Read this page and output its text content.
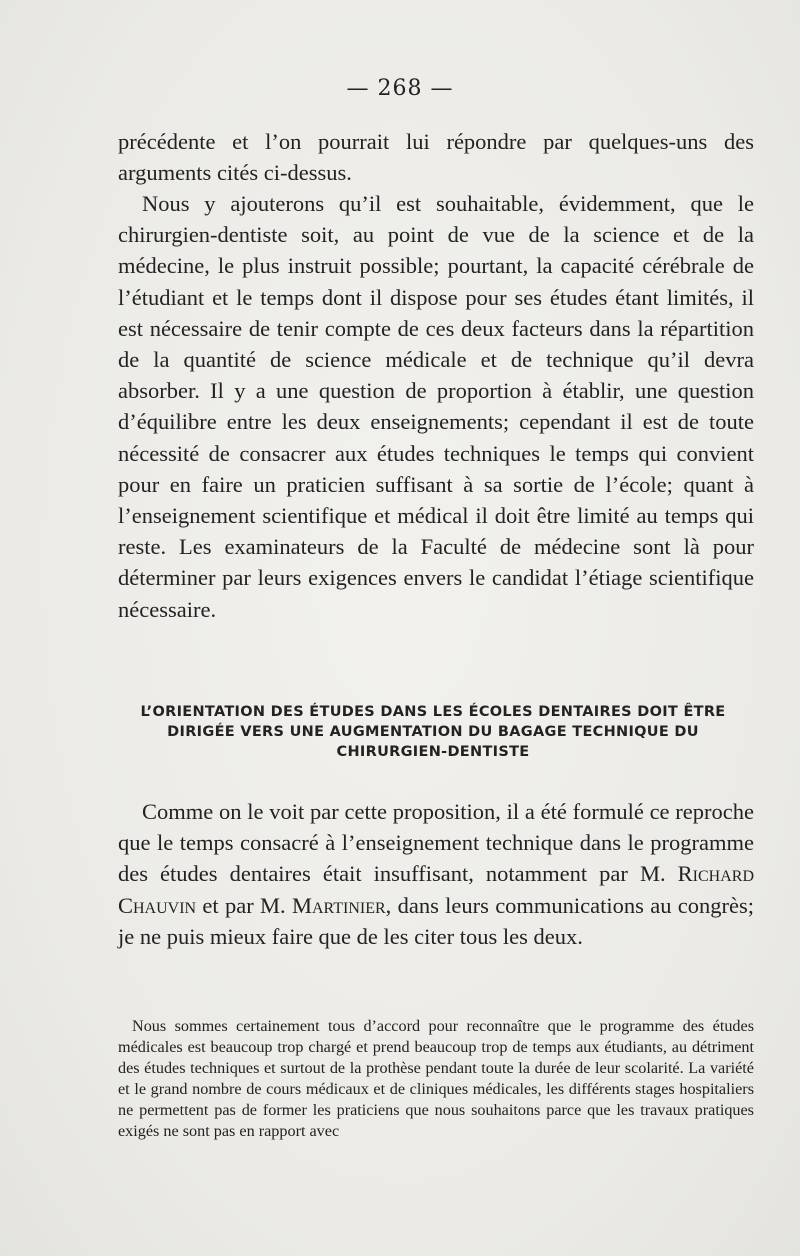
— 268 —

précédente et l’on pourrait lui répondre par quelques-uns des arguments cités ci-dessus.

Nous y ajouterons qu’il est souhaitable, évidemment, que le chirurgien-dentiste soit, au point de vue de la science et de la médecine, le plus instruit possible; pourtant, la capacité cérébrale de l’étudiant et le temps dont il dispose pour ses études étant limités, il est nécessaire de tenir compte de ces deux facteurs dans la répartition de la quantité de science médicale et de technique qu’il devra absorber. Il y a une question de proportion à établir, une question d’équilibre entre les deux enseignements; cependant il est de toute nécessité de consacrer aux études techniques le temps qui convient pour en faire un praticien suffisant à sa sortie de l’école; quant à l’enseignement scientifique et médical il doit être limité au temps qui reste. Les examinateurs de la Faculté de médecine sont là pour déterminer par leurs exigences envers le candidat l’étiage scientifique nécessaire.

L’ORIENTATION DES ÉTUDES DANS LES ÉCOLES DENTAIRES DOIT ÊTRE DIRIGÉE VERS UNE AUGMENTATION DU BAGAGE TECHNIQUE DU CHIRURGIEN-DENTISTE

Comme on le voit par cette proposition, il a été formulé ce reproche que le temps consacré à l’enseignement technique dans le programme des études dentaires était insuffisant, notamment par M. Richard Chauvin et par M. Martinier, dans leurs communications au congrès; je ne puis mieux faire que de les citer tous les deux.

Nous sommes certainement tous d’accord pour reconnaître que le programme des études médicales est beaucoup trop chargé et prend beaucoup trop de temps aux étudiants, au détriment des études techniques et surtout de la prothèse pendant toute la durée de leur scolarité. La variété et le grand nombre de cours médicaux et de cliniques médicales, les différents stages hospitaliers ne permettent pas de former les praticiens que nous souhaitons parce que les travaux pratiques exigés ne sont pas en rapport avec
